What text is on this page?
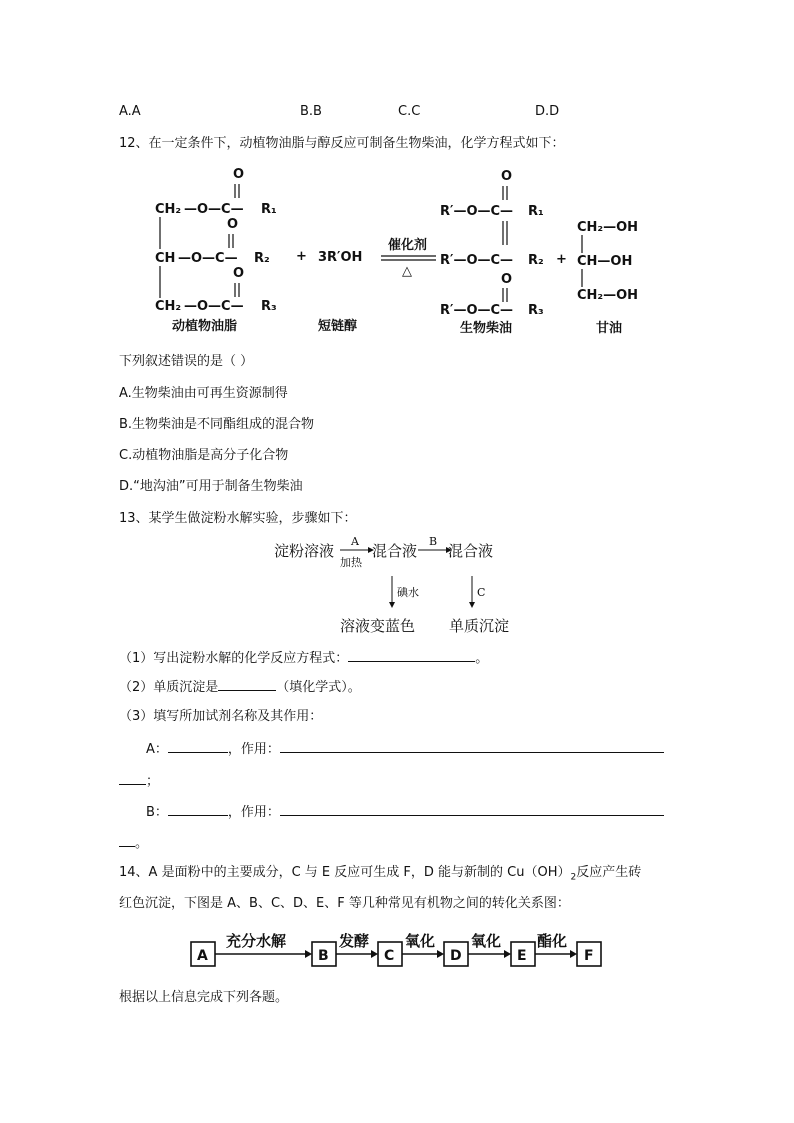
A.A	B.B	C.C	D.D
12、在一定条件下，动植物油脂与醇反应可制备生物柴油，化学方程式如下：
O
O
O
CH₂ —O—C— R₁
CH —O—C— R₂
CH₂ —O—C— R₃
+ 3R′OH
催化剂
△
O
R′—O—C— R₁
R′—O—C— R₂
O
R′—O—C— R₃
+
CH₂—OH
CH—OH
CH₂—OH
动植物油脂	短链醇	生物柴油	甘油
下列叙述错误的是（ ）
A.生物柴油由可再生资源制得
B.生物柴油是不同酯组成的混合物
C.动植物油脂是高分子化合物
D.“地沟油”可用于制备生物柴油
13、某学生做淀粉水解实验，步骤如下：
淀粉溶液
A
加热
混合液
B
混合液
碘水	C
溶液变蓝色 单质沉淀
（1）写出淀粉水解的化学反应方程式：	。
（2）单质沉淀是	（填化学式）。
（3）填写所加试剂名称及其作用：
A：	，作用：
；
B：	，作用：
。
14、A 是面粉中的主要成分，C 与 E 反应可生成 F，D 能与新制的 $Cu(OH)_2$反应产生砖
红色沉淀，下图是 A、B、C、D、E、F 等几种常见有机物之间的转化关系图：
A	B	C	D	E	F
充分水解	发酵 氧化 氧化 酯化
根据以上信息完成下列各题。
